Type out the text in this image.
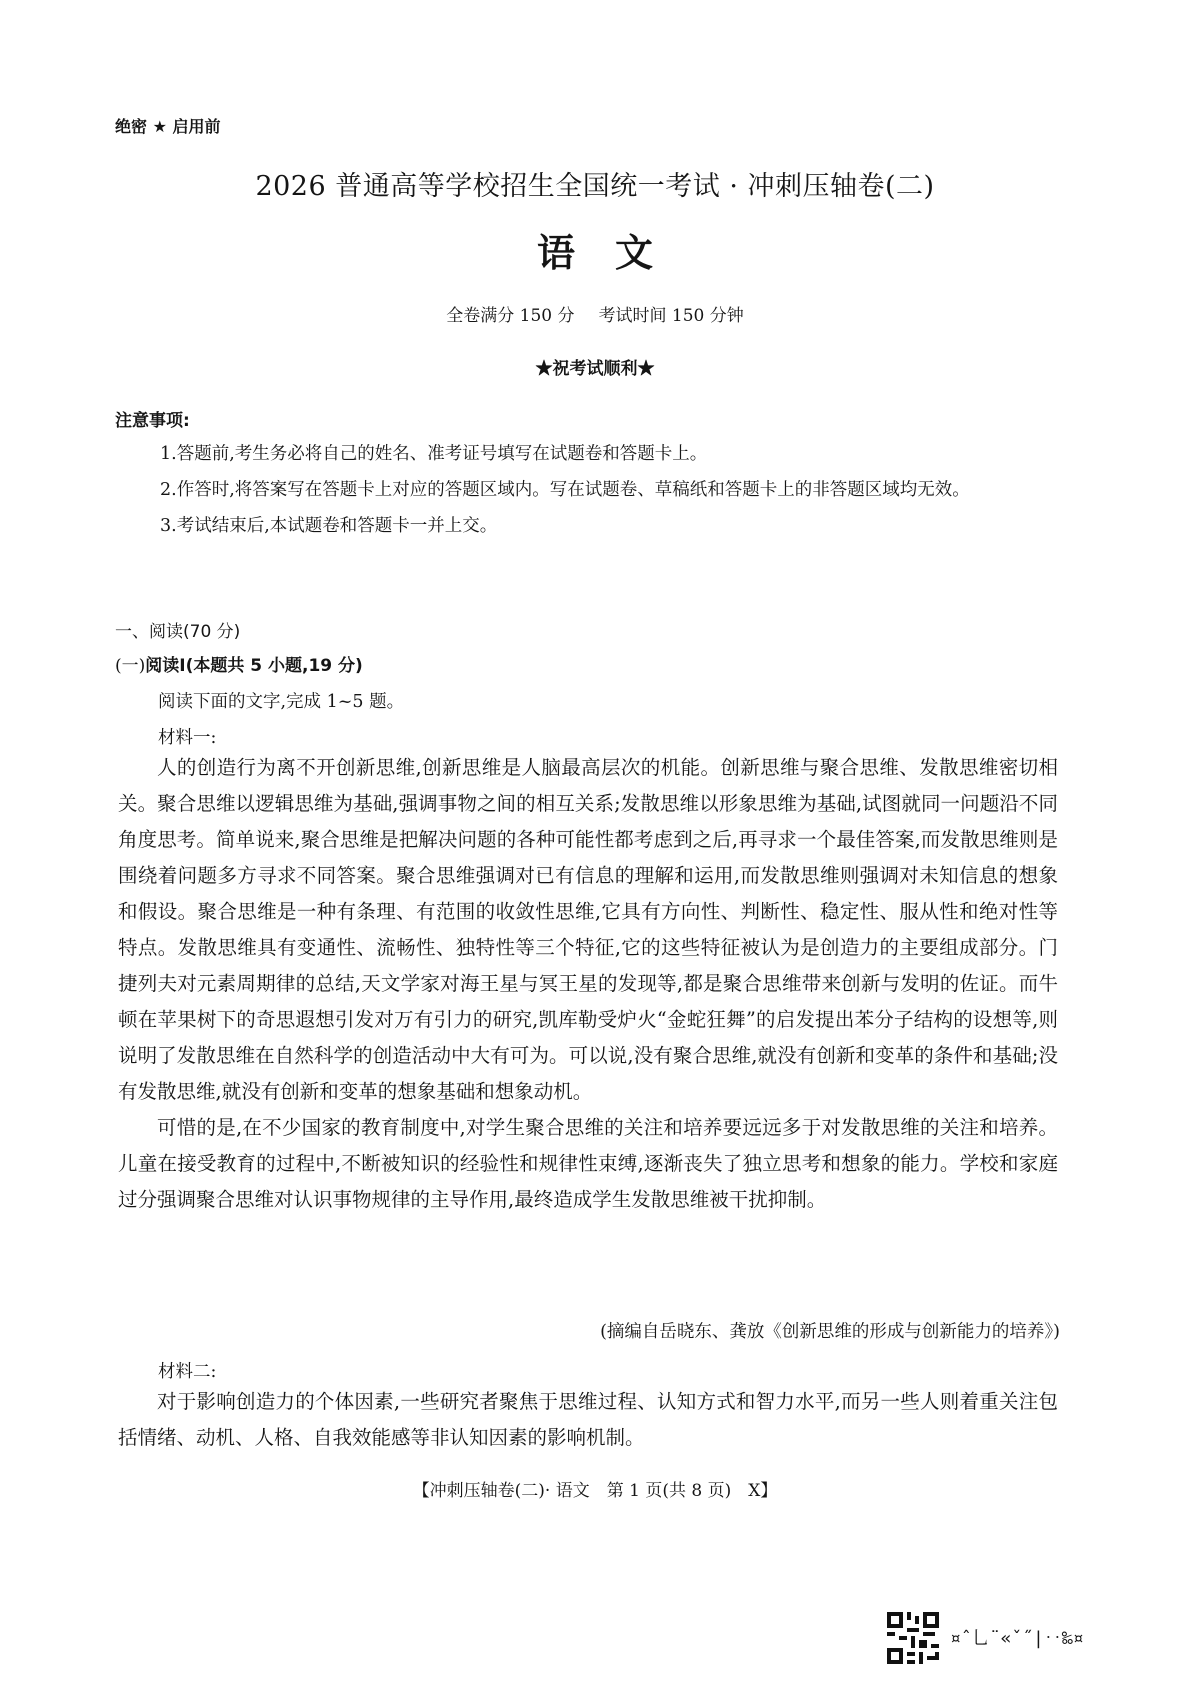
绝密 ★ 启用前
2026 普通高等学校招生全国统一考试 · 冲刺压轴卷(二)
语文
全卷满分 150 分 考试时间 150 分钟
★祝考试顺利★
注意事项:
1.答题前,考生务必将自己的姓名、准考证号填写在试题卷和答题卡上。
2.作答时,将答案写在答题卡上对应的答题区域内。写在试题卷、草稿纸和答题卡上的非答题区域均无效。
3.考试结束后,本试题卷和答题卡一并上交。
一、阅读(70 分)
(一)阅读Ⅰ(本题共 5 小题,19 分)
阅读下面的文字,完成 1~5 题。
材料一:

人的创造行为离不开创新思维,创新思维是人脑最高层次的机能。创新思维与聚合思维、发散思维密切相关。聚合思维以逻辑思维为基础,强调事物之间的相互关系;发散思维以形象思维为基础,试图就同一问题沿不同角度思考。简单说来,聚合思维是把解决问题的各种可能性都考虑到之后,再寻求一个最佳答案,而发散思维则是围绕着问题多方寻求不同答案。聚合思维强调对已有信息的理解和运用,而发散思维则强调对未知信息的想象和假设。聚合思维是一种有条理、有范围的收敛性思维,它具有方向性、判断性、稳定性、服从性和绝对性等特点。发散思维具有变通性、流畅性、独特性等三个特征,它的这些特征被认为是创造力的主要组成部分。门捷列夫对元素周期律的总结,天文学家对海王星与冥王星的发现等,都是聚合思维带来创新与发明的佐证。而牛顿在苹果树下的奇思遐想引发对万有引力的研究,凯库勒受炉火“金蛇狂舞”的启发提出苯分子结构的设想等,则说明了发散思维在自然科学的创造活动中大有可为。可以说,没有聚合思维,就没有创新和变革的条件和基础;没有发散思维,就没有创新和变革的想象基础和想象动机。

可惜的是,在不少国家的教育制度中,对学生聚合思维的关注和培养要远远多于对发散思维的关注和培养。儿童在接受教育的过程中,不断被知识的经验性和规律性束缚,逐渐丧失了独立思考和想象的能力。学校和家庭过分强调聚合思维对认识事物规律的主导作用,最终造成学生发散思维被干扰抑制。

(摘编自岳晓东、龚放《创新思维的形成与创新能力的培养》)
材料二:

对于影响创造力的个体因素,一些研究者聚焦于思维过程、认知方式和智力水平,而另一些人则着重关注包括情绪、动机、人格、自我效能感等非认知因素的影响机制。

【冲刺压轴卷(二)· 语文　第 1 页(共 8 页)　X】
¤ˆ乚¨«ˇ˝|‥‰¤
